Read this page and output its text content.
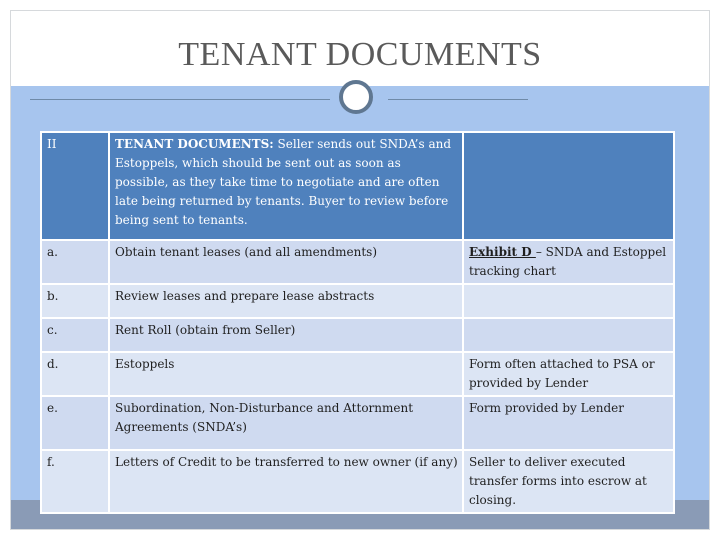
TENANT DOCUMENTS
II	TENANT DOCUMENTS: Seller sends out SNDA’s and Estoppels, which should be sent out as soon as possible, as they take time to negotiate and are often late being returned by tenants. Buyer to review before being sent to tenants.	
a.	Obtain tenant leases (and all amendments)	Exhibit D – SNDA and Estoppel tracking chart
b.	Review leases and prepare lease abstracts	
c.	Rent Roll (obtain from Seller)	
d.	Estoppels	Form often attached to PSA or provided by Lender
e.	Subordination, Non-Disturbance and Attornment Agreements (SNDA’s)	Form provided by Lender
f.	Letters of Credit to be transferred to new owner (if any)	Seller to deliver executed transfer forms into escrow at closing.
